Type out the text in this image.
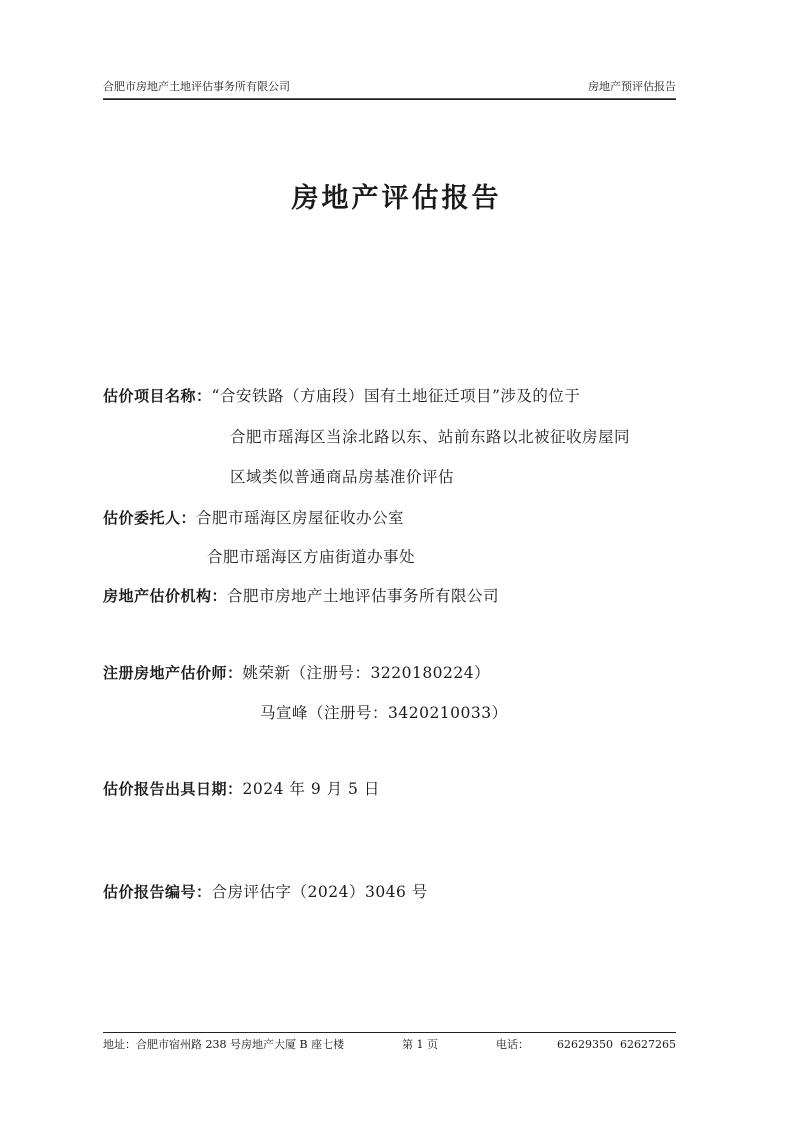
合肥市房地产土地评估事务所有限公司	房地产预评估报告
房地产评估报告
估价项目名称：“合安铁路（方庙段）国有土地征迁项目”涉及的位于
合肥市瑶海区当涂北路以东、站前东路以北被征收房屋同
区域类似普通商品房基准价评估
估价委托人：合肥市瑶海区房屋征收办公室
合肥市瑶海区方庙街道办事处
房地产估价机构：合肥市房地产土地评估事务所有限公司
注册房地产估价师：姚荣新（注册号：3220180224）
马宣峰（注册号：3420210033）
估价报告出具日期：2024 年 9 月 5 日
估价报告编号：合房评估字（2024）3046 号
地址：合肥市宿州路 238 号房地产大厦 B 座七楼	第 1 页	电话：	62629350 62627265
